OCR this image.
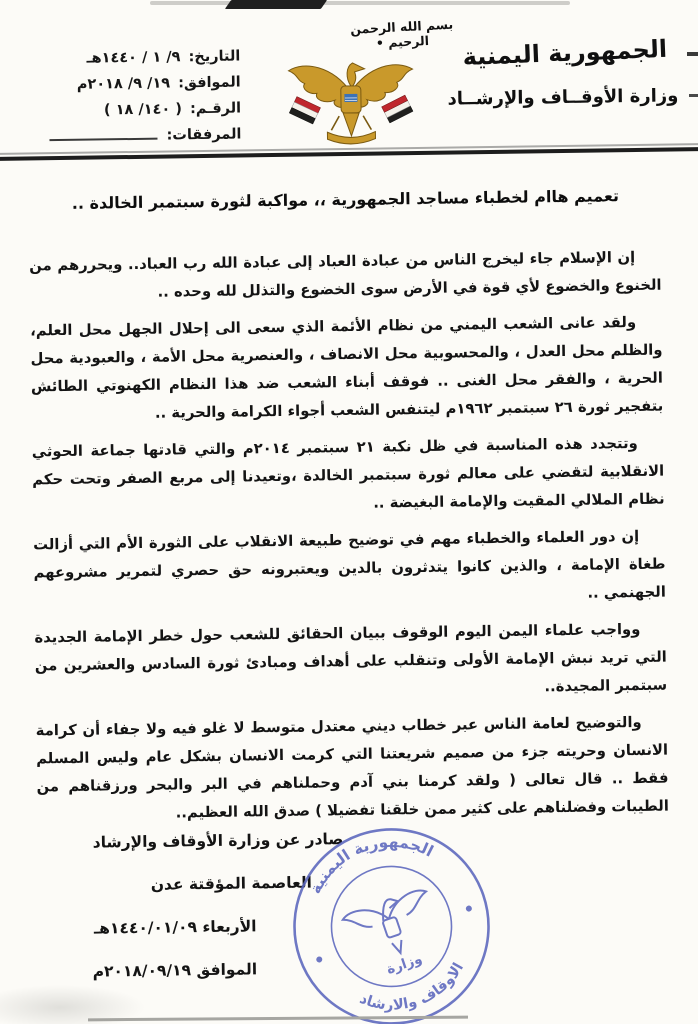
بسم الله الرحمن الرحيم •	الجمهورية اليمنية
وزارة الأوقــاف والإرشــاد
التاريخ: ٩/ ١ / ١٤٤٠هـ
الموافق: ١٩/ ٩/ ٢٠١٨م
الرقـم: ( ١٤٠/ ١٨ )
المرفقات:
تعميم هاام لخطباء مساجد الجمهورية ،، مواكبة لثورة سبتمبر الخالدة ..

إن الإسلام جاء ليخرج الناس من عبادة العباد إلى عبادة الله رب العباد.. ويحررهم من الخنوع والخضوع لأي قوة في الأرض سوى الخضوع والتذلل لله وحده ..

ولقد عانى الشعب اليمني من نظام الأئمة الذي سعى الى إحلال الجهل محل العلم، والظلم محل العدل ، والمحسوبية محل الانصاف ، والعنصرية محل الأمة ، والعبودية محل الحرية ، والفقر محل الغنى .. فوقف أبناء الشعب ضد هذا النظام الكهنوتي الطائش بتفجير ثورة ٢٦ سبتمبر ١٩٦٢م ليتنفس الشعب أجواء الكرامة والحرية ..

وتتجدد هذه المناسبة في ظل نكبة ٢١ سبتمبر ٢٠١٤م والتي قادتها جماعة الحوثي الانقلابية لتقضي على معالم ثورة سبتمبر الخالدة ،وتعيدنا إلى مربع الصفر وتحت حكم نظام الملالي المقيت والإمامة البغيضة ..

إن دور العلماء والخطباء مهم في توضيح طبيعة الانقلاب على الثورة الأم التي أزالت طغاة الإمامة ، والذين كانوا يتدثرون بالدين ويعتبرونه حق حصري لتمرير مشروعهم الجهنمي ..

وواجب علماء اليمن اليوم الوقوف ببيان الحقائق للشعب حول خطر الإمامة الجديدة التي تريد نبش الإمامة الأولى وتنقلب على أهداف ومبادئ ثورة السادس والعشرين من سبتمبر المجيدة..

والتوضيح لعامة الناس عبر خطاب ديني معتدل متوسط لا غلو فيه ولا جفاء أن كرامة الانسان وحريته جزء من صميم شريعتنا التي كرمت الانسان بشكل عام وليس المسلم فقط .. قال تعالى ( ولقد كرمنا بني آدم وحملناهم في البر والبحر ورزقناهم من الطيبات وفضلناهم على كثير ممن خلقنا تفضيلا ) صدق الله العظيم..

صادر عن وزارة الأوقاف والإرشاد
العاصمة المؤقتة عدن
الأربعاء ١٤٤٠/٠١/٠٩هـ
الموافق ٢٠١٨/٠٩/١٩م
الجمهورية اليمنية
الاوقاف والارشاد
وزارة
